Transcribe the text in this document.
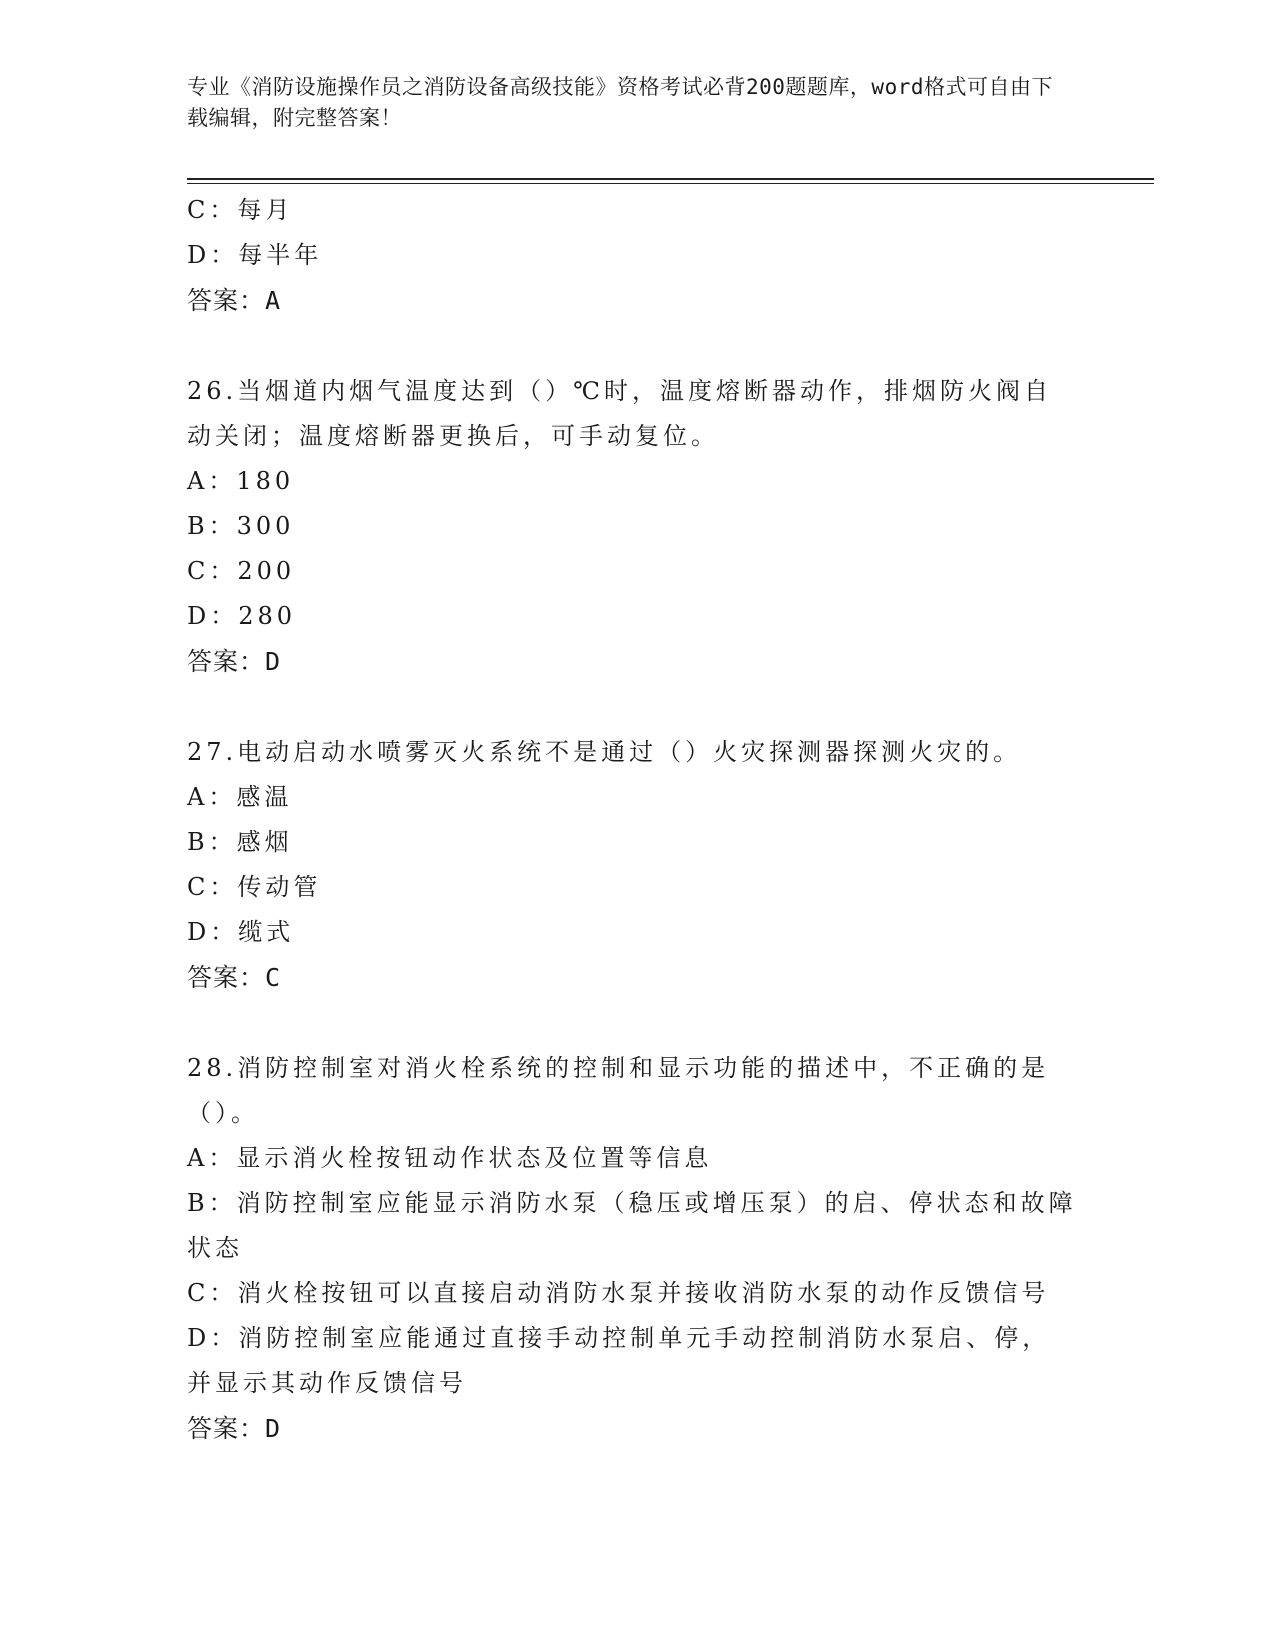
专业《消防设施操作员之消防设备高级技能》资格考试必背200题题库，word格式可自由下载编辑，附完整答案！
C：每月
D：每半年
答案：A
26.当烟道内烟气温度达到（）℃时，温度熔断器动作，排烟防火阀自动关闭；温度熔断器更换后，可手动复位。
A：180
B：300
C：200
D：280
答案：D
27.电动启动水喷雾灭火系统不是通过（）火灾探测器探测火灾的。
A：感温
B：感烟
C：传动管
D：缆式
答案：C
28.消防控制室对消火栓系统的控制和显示功能的描述中，不正确的是（）。
A：显示消火栓按钮动作状态及位置等信息
B：消防控制室应能显示消防水泵（稳压或增压泵）的启、停状态和故障状态
C：消火栓按钮可以直接启动消防水泵并接收消防水泵的动作反馈信号
D：消防控制室应能通过直接手动控制单元手动控制消防水泵启、停，并显示其动作反馈信号
答案：D
